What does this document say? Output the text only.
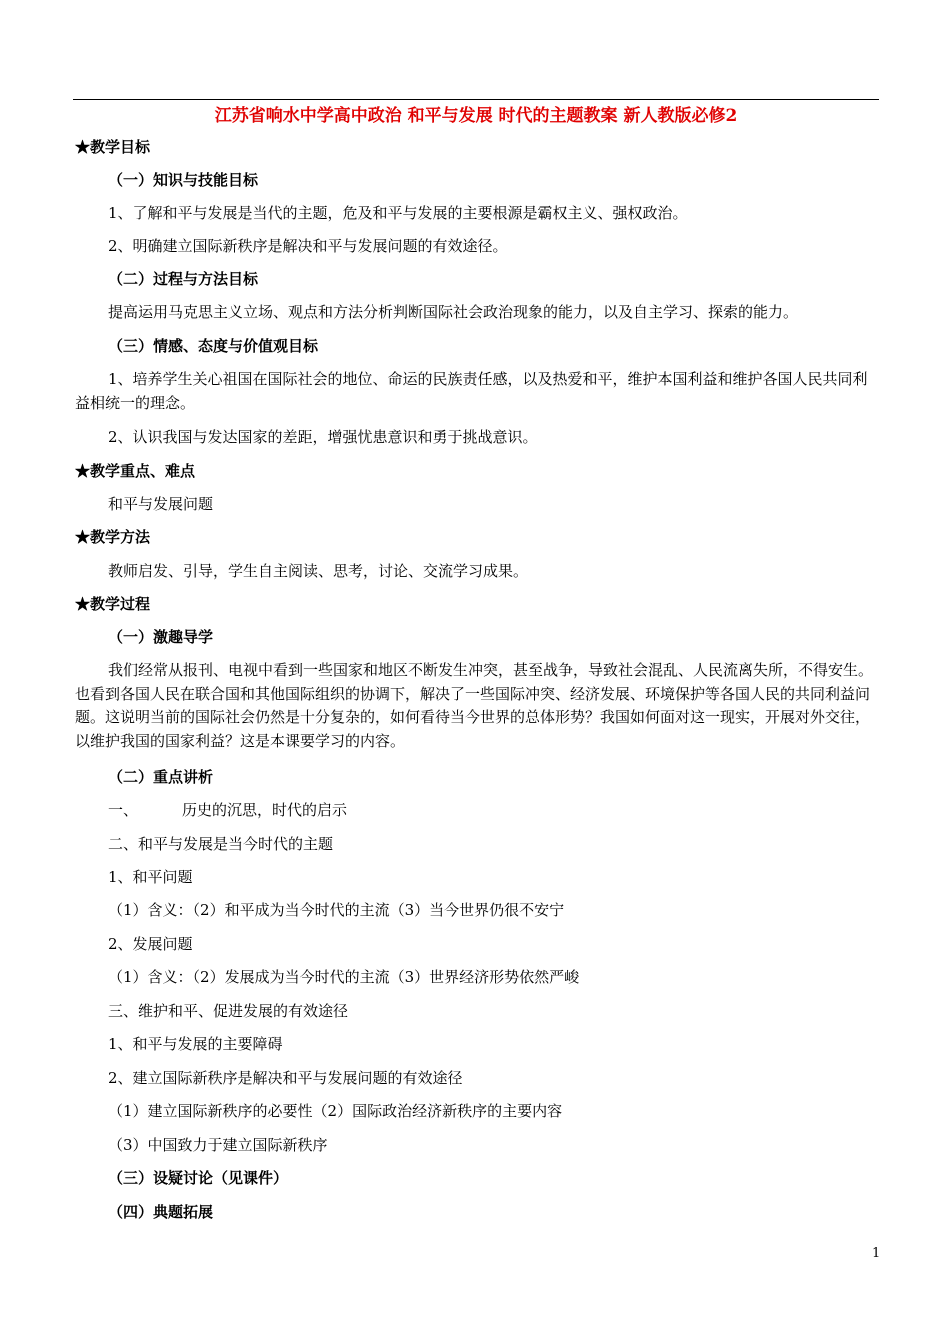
江苏省响水中学高中政治 和平与发展 时代的主题教案 新人教版必修2
★教学目标
（一）知识与技能目标
1、了解和平与发展是当代的主题，危及和平与发展的主要根源是霸权主义、强权政治。
2、明确建立国际新秩序是解决和平与发展问题的有效途径。
（二）过程与方法目标
提高运用马克思主义立场、观点和方法分析判断国际社会政治现象的能力，以及自主学习、探索的能力。
（三）情感、态度与价值观目标
1、培养学生关心祖国在国际社会的地位、命运的民族责任感，以及热爱和平，维护本国利益和维护各国人民共同利益相统一的理念。
2、认识我国与发达国家的差距，增强忧患意识和勇于挑战意识。
★教学重点、难点
和平与发展问题
★教学方法
教师启发、引导，学生自主阅读、思考，讨论、交流学习成果。
★教学过程
（一）激趣导学
我们经常从报刊、电视中看到一些国家和地区不断发生冲突，甚至战争，导致社会混乱、人民流离失所，不得安生。也看到各国人民在联合国和其他国际组织的协调下，解决了一些国际冲突、经济发展、环境保护等各国人民的共同利益问题。这说明当前的国际社会仍然是十分复杂的，如何看待当今世界的总体形势？我国如何面对这一现实，开展对外交往，以维护我国的国家利益？这是本课要学习的内容。
（二）重点讲析
一、	历史的沉思，时代的启示
二、和平与发展是当今时代的主题
1、和平问题
（1）含义：（2）和平成为当今时代的主流（3）当今世界仍很不安宁
2、发展问题
（1）含义：（2）发展成为当今时代的主流（3）世界经济形势依然严峻
三、维护和平、促进发展的有效途径
1、和平与发展的主要障碍
2、建立国际新秩序是解决和平与发展问题的有效途径
（1）建立国际新秩序的必要性（2）国际政治经济新秩序的主要内容
（3）中国致力于建立国际新秩序
（三）设疑讨论（见课件）
（四）典题拓展
1
